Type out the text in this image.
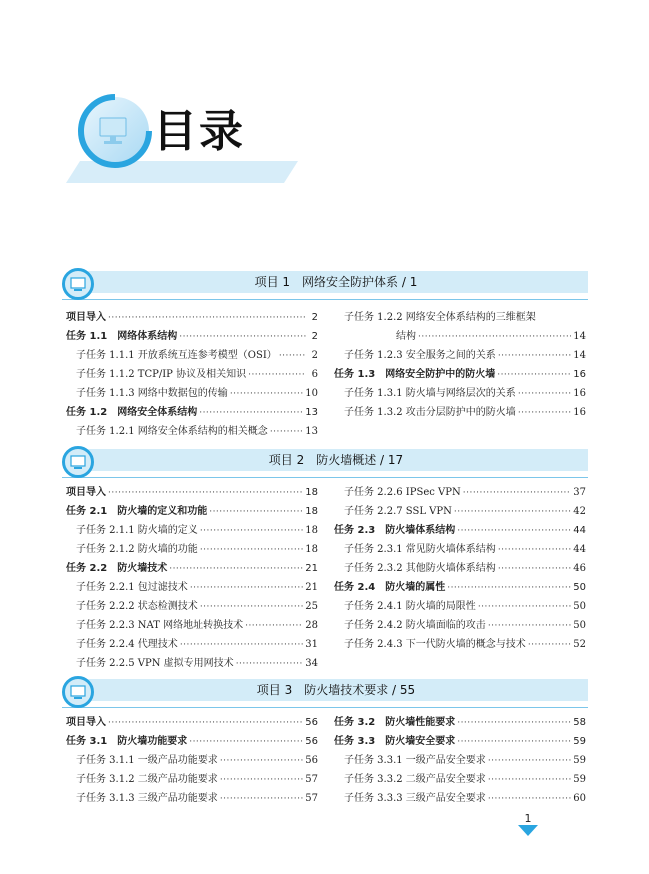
目录
项目 1　网络安全防护体系 / 1
项目导入 ·····	2
任务 1.1　网络体系结构 ·····	2
子任务 1.1.1 开放系统互连参考模型（OSI） ·····	2
子任务 1.1.2 TCP/IP 协议及相关知识 ·····	6
子任务 1.1.3 网络中数据包的传输 ·····	10
任务 1.2　网络安全体系结构 ·····	13
子任务 1.2.1 网络安全体系结构的相关概念 ·····	13
子任务 1.2.2 网络安全体系结构的三维框架
结构 ·····	14
子任务 1.2.3 安全服务之间的关系 ·····	14
任务 1.3　网络安全防护中的防火墙 ·····	16
子任务 1.3.1 防火墙与网络层次的关系 ·····	16
子任务 1.3.2 攻击分层防护中的防火墙 ·····	16
项目 2　防火墙概述 / 17
项目导入 ·····	18
任务 2.1　防火墙的定义和功能 ·····	18
子任务 2.1.1 防火墙的定义 ·····	18
子任务 2.1.2 防火墙的功能 ·····	18
任务 2.2　防火墙技术 ·····	21
子任务 2.2.1 包过滤技术 ·····	21
子任务 2.2.2 状态检测技术 ·····	25
子任务 2.2.3 NAT 网络地址转换技术 ·····	28
子任务 2.2.4 代理技术 ·····	31
子任务 2.2.5 VPN 虚拟专用网技术 ·····	34
子任务 2.2.6 IPSec VPN ·····	37
子任务 2.2.7 SSL VPN ·····	42
任务 2.3　防火墙体系结构 ·····	44
子任务 2.3.1 常见防火墙体系结构 ·····	44
子任务 2.3.2 其他防火墙体系结构 ·····	46
任务 2.4　防火墙的属性 ·····	50
子任务 2.4.1 防火墙的局限性 ·····	50
子任务 2.4.2 防火墙面临的攻击 ·····	50
子任务 2.4.3 下一代防火墙的概念与技术 ·····	52
项目 3　防火墙技术要求 / 55
项目导入 ·····	56
任务 3.1　防火墙功能要求 ·····	56
子任务 3.1.1 一级产品功能要求 ·····	56
子任务 3.1.2 二级产品功能要求 ·····	57
子任务 3.1.3 三级产品功能要求 ·····	57
任务 3.2　防火墙性能要求 ·····	58
任务 3.3　防火墙安全要求 ·····	59
子任务 3.3.1 一级产品安全要求 ·····	59
子任务 3.3.2 二级产品安全要求 ·····	59
子任务 3.3.3 三级产品安全要求 ·····	60
1
